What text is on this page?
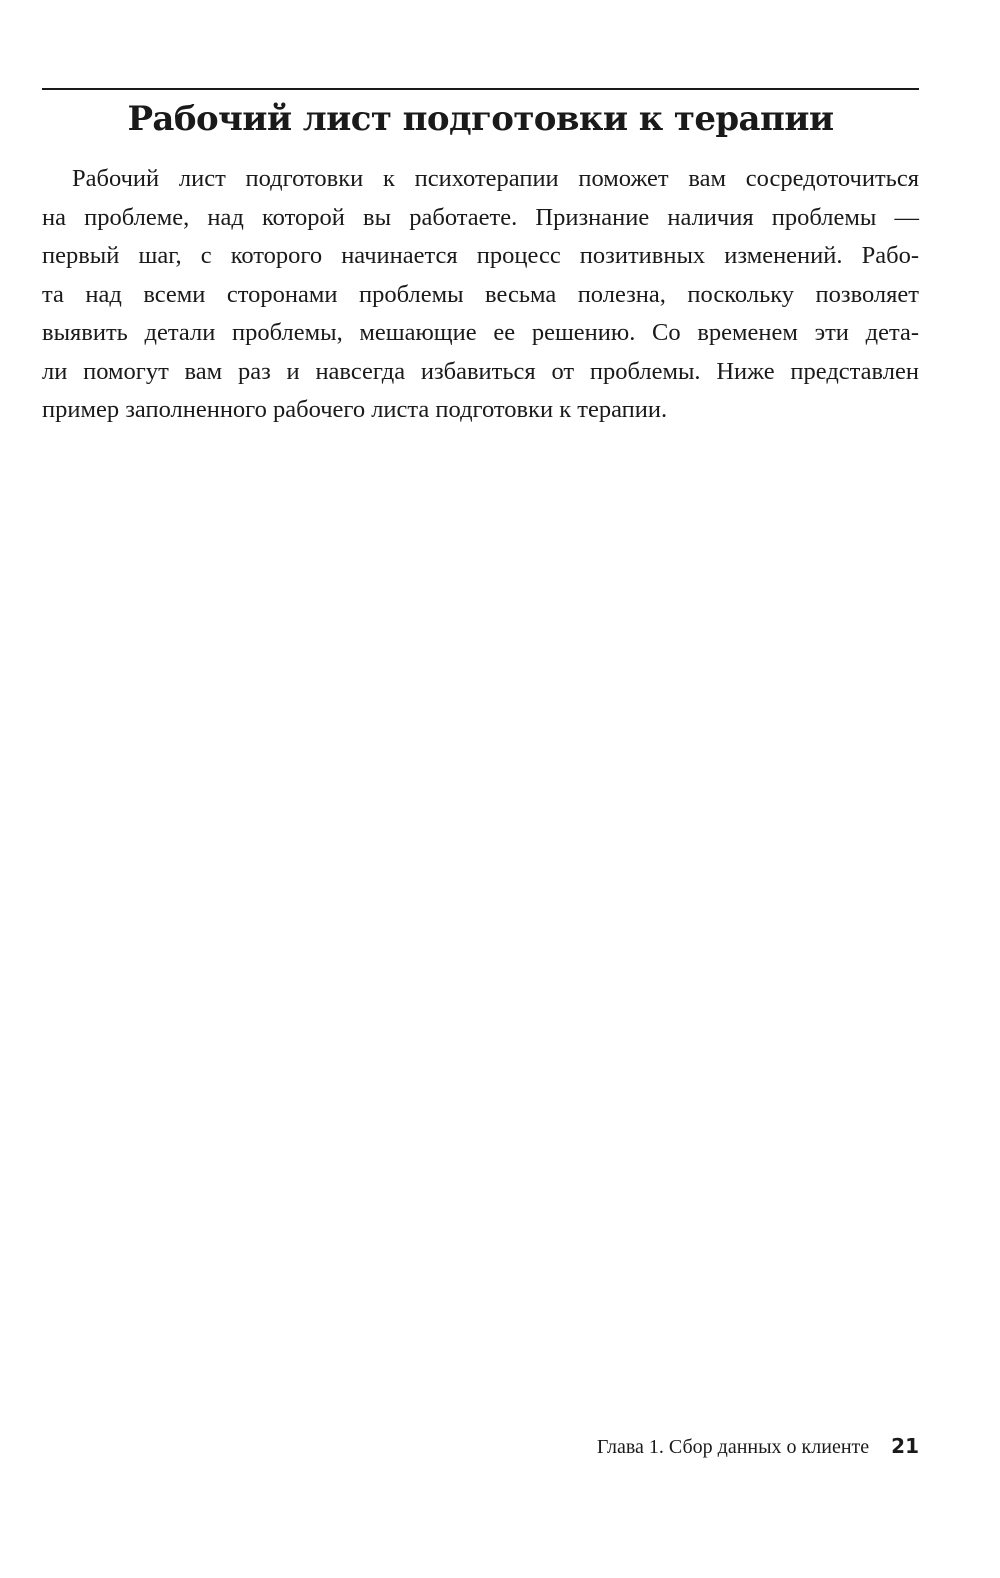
Рабочий лист подготовки к терапии
Рабочий лист подготовки к психотерапии поможет вам сосредоточиться
на проблеме, над которой вы работаете. Признание наличия проблемы —
первый шаг, с которого начинается процесс позитивных изменений. Рабо-
та над всеми сторонами проблемы весьма полезна, поскольку позволяет
выявить детали проблемы, мешающие ее решению. Со временем эти дета-
ли помогут вам раз и навсегда избавиться от проблемы. Ниже представлен
пример заполненного рабочего листа подготовки к терапии.
Глава 1. Сбор данных о клиенте 21
